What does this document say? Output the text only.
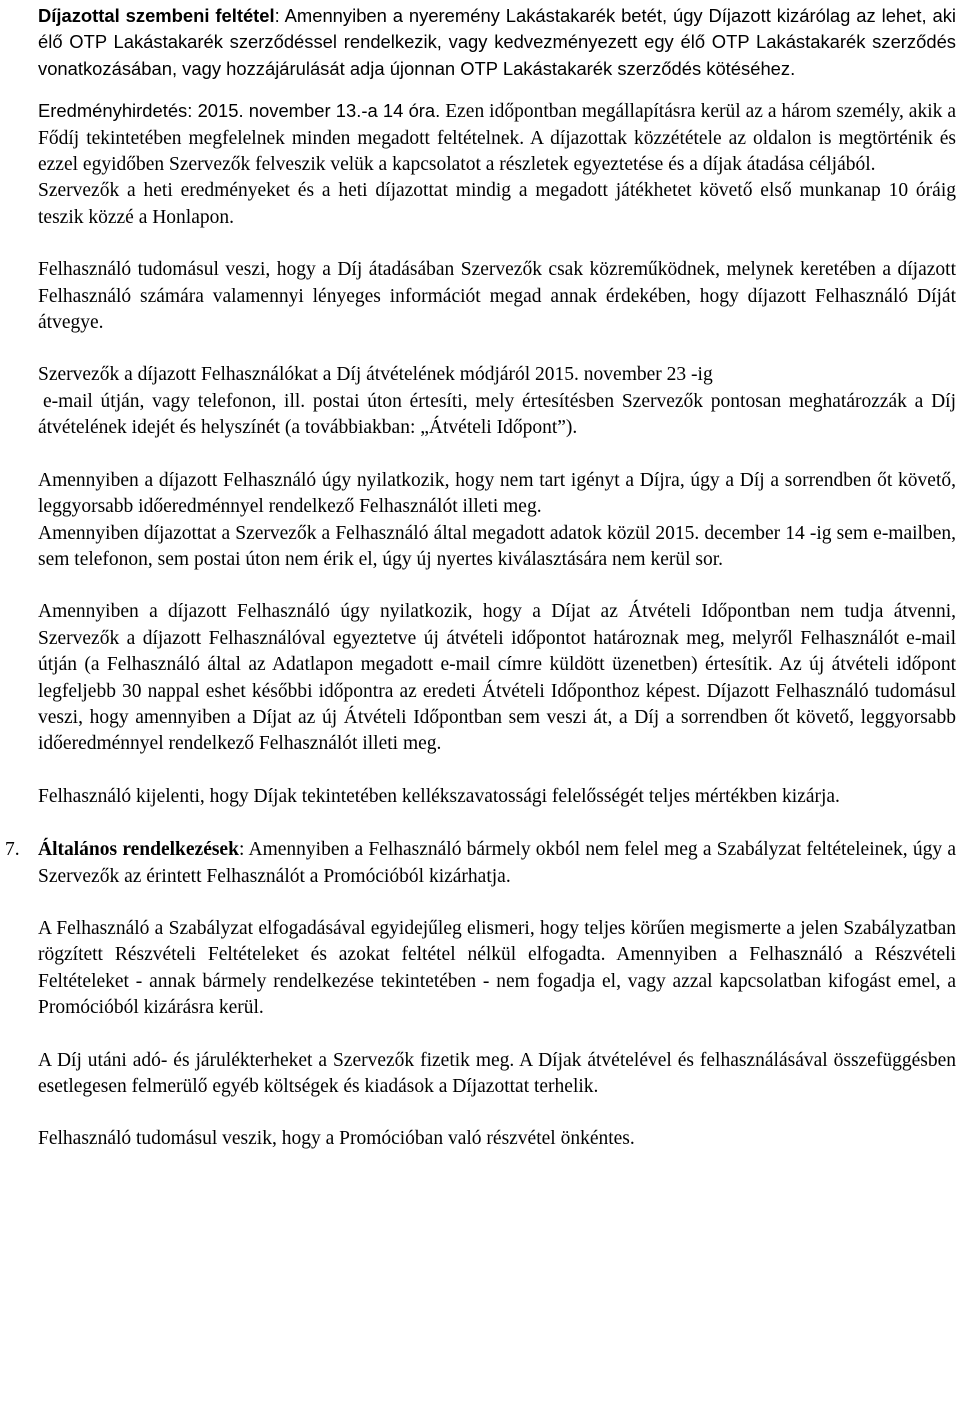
Díjazottal szembeni feltétel: Amennyiben a nyeremény Lakástakarék betét, úgy Díjazott kizárólag az lehet, aki élő OTP Lakástakarék szerződéssel rendelkezik, vagy kedvezményezett egy élő OTP Lakástakarék szerződés vonatkozásában, vagy hozzájárulását adja újonnan OTP Lakástakarék szerződés kötéséhez.

Eredményhirdetés: 2015. november 13.-a 14 óra. Ezen időpontban megállapításra kerül az a három személy, akik a Fődíj tekintetében megfelelnek minden megadott feltételnek. A díjazottak közzététele az oldalon is megtörténik és ezzel egyidőben Szervezők felveszik velük a kapcsolatot a részletek egyeztetése és a díjak átadása céljából.

Szervezők a heti eredményeket és a heti díjazottat mindig a megadott játékhetet követő első munkanap 10 óráig teszik közzé a Honlapon.

Felhasználó tudomásul veszi, hogy a Díj átadásában Szervezők csak közreműködnek, melynek keretében a díjazott Felhasználó számára valamennyi lényeges információt megad annak érdekében, hogy díjazott Felhasználó Díját átvegye.

Szervezők a díjazott Felhasználókat a Díj átvételének módjáról 2015. november 23 -ig
e-mail útján, vagy telefonon, ill. postai úton értesíti, mely értesítésben Szervezők pontosan meghatározzák a Díj átvételének idejét és helyszínét (a továbbiakban: „Átvételi Időpont”).

Amennyiben a díjazott Felhasználó úgy nyilatkozik, hogy nem tart igényt a Díjra, úgy a Díj a sorrendben őt követő, leggyorsabb időeredménnyel rendelkező Felhasználót illeti meg.

Amennyiben díjazottat a Szervezők a Felhasználó által megadott adatok közül 2015. december 14 -ig sem e-mailben, sem telefonon, sem postai úton nem érik el, úgy új nyertes kiválasztására nem kerül sor.

Amennyiben a díjazott Felhasználó úgy nyilatkozik, hogy a Díjat az Átvételi Időpontban nem tudja átvenni, Szervezők a díjazott Felhasználóval egyeztetve új átvételi időpontot határoznak meg, melyről Felhasználót e-mail útján (a Felhasználó által az Adatlapon megadott e-mail címre küldött üzenetben) értesítik. Az új átvételi időpont legfeljebb 30 nappal eshet későbbi időpontra az eredeti Átvételi Időponthoz képest. Díjazott Felhasználó tudomásul veszi, hogy amennyiben a Díjat az új Átvételi Időpontban sem veszi át, a Díj a sorrendben őt követő, leggyorsabb időeredménnyel rendelkező Felhasználót illeti meg.

Felhasználó kijelenti, hogy Díjak tekintetében kellékszavatossági felelősségét teljes mértékben kizárja.

7. Általános rendelkezések: Amennyiben a Felhasználó bármely okból nem felel meg a Szabályzat feltételeinek, úgy a Szervezők az érintett Felhasználót a Promócióból kizárhatja.

A Felhasználó a Szabályzat elfogadásával egyidejűleg elismeri, hogy teljes körűen megismerte a jelen Szabályzatban rögzített Részvételi Feltételeket és azokat feltétel nélkül elfogadta. Amennyiben a Felhasználó a Részvételi Feltételeket - annak bármely rendelkezése tekintetében - nem fogadja el, vagy azzal kapcsolatban kifogást emel, a Promócióból kizárásra kerül.

A Díj utáni adó- és járulékterheket a Szervezők fizetik meg. A Díjak átvételével és felhasználásával összefüggésben esetlegesen felmerülő egyéb költségek és kiadások a Díjazottat terhelik.

Felhasználó tudomásul veszik, hogy a Promócióban való részvétel önkéntes.
